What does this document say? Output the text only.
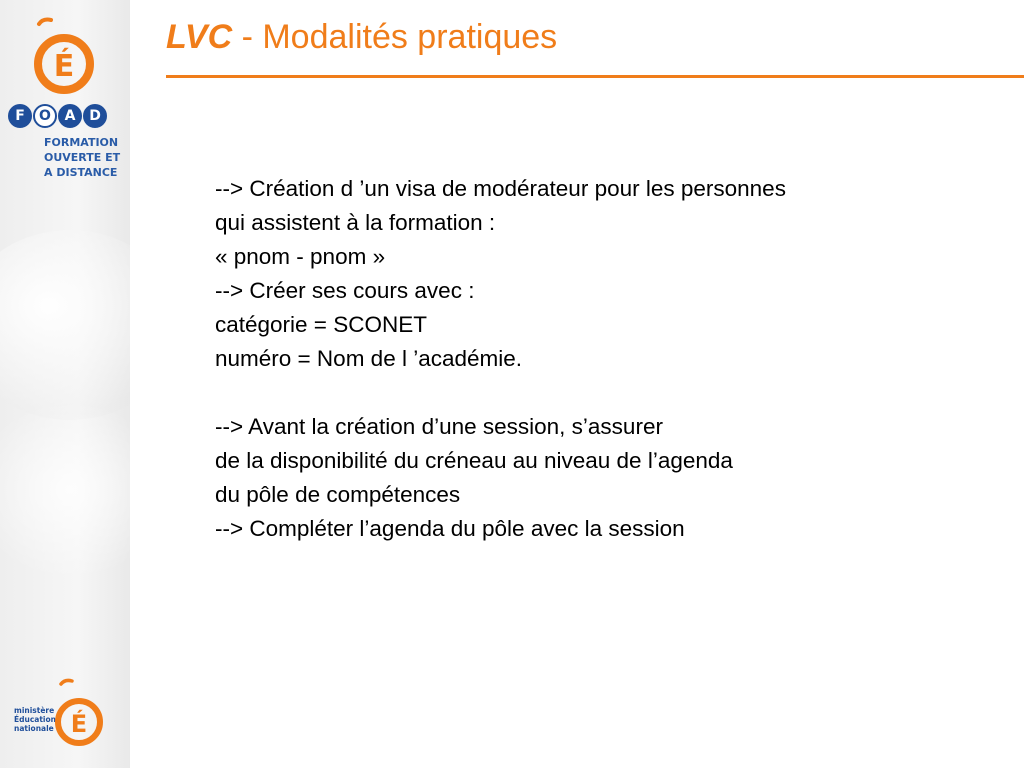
É
F	O A D
FORMATION
OUVERTE ET
A DISTANCE
ministère
Éducation
nationale É
LVC - Modalités pratiques
--> Création d ’un visa de modérateur pour les personnes
qui assistent à la formation :
« pnom - pnom »
--> Créer ses cours avec :
catégorie = SCONET
numéro = Nom de l ’académie.
--> Avant la création d’une session, s’assurer
de la disponibilité du créneau au niveau de l’agenda
du pôle de compétences
--> Compléter l’agenda du pôle avec la session
